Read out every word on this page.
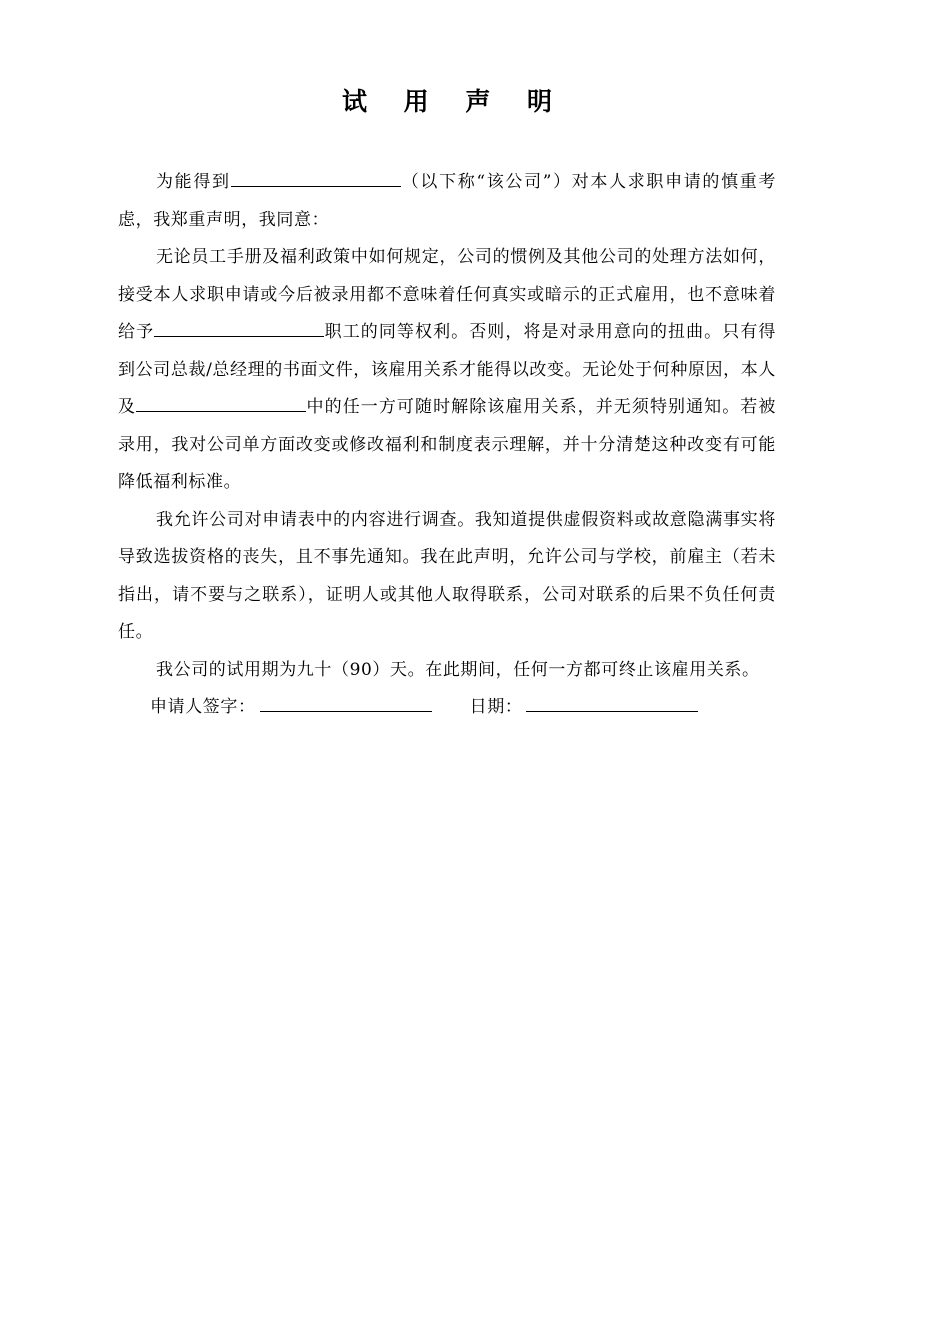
试 用 声 明

为能得到	（以下称“该公司”）对本人求职申请的慎重考虑，我郑重声明，我同意：

无论员工手册及福利政策中如何规定，公司的惯例及其他公司的处理方法如何，接受本人求职申请或今后被录用都不意味着任何真实或暗示的正式雇用，也不意味着给予	职工的同等权利。否则，将是对录用意向的扭曲。只有得到公司总裁/总经理的书面文件，该雇用关系才能得以改变。无论处于何种原因，本人及	中的任一方可随时解除该雇用关系，并无须特别通知。若被录用，我对公司单方面改变或修改福利和制度表示理解，并十分清楚这种改变有可能降低福利标准。

我允许公司对申请表中的内容进行调查。我知道提供虚假资料或故意隐满事实将导致选拔资格的丧失，且不事先通知。我在此声明，允许公司与学校，前雇主（若未指出，请不要与之联系），证明人或其他人取得联系，公司对联系的后果不负任何责任。

我公司的试用期为九十（90）天。在此期间，任何一方都可终止该雇用关系。

申请人签字：	日期：
